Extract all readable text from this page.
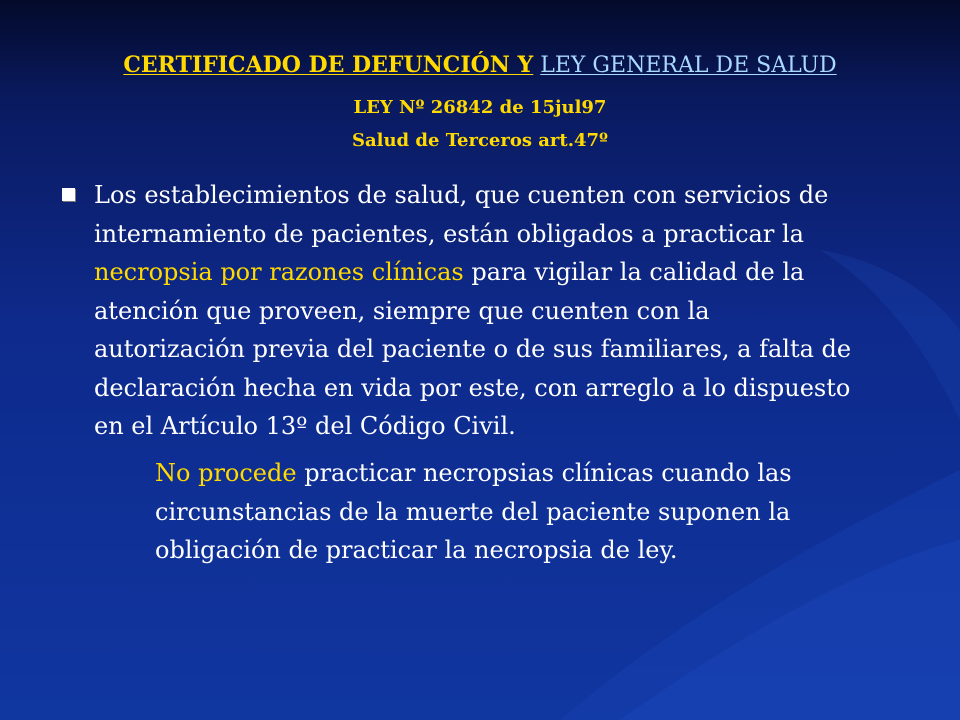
CERTIFICADO DE DEFUNCIÓN Y LEY GENERAL DE SALUD
LEY Nº 26842 de 15jul97
Salud de Terceros art.47º
Los establecimientos de salud, que cuenten con servicios de internamiento de pacientes, están obligados a practicar la necropsia por razones clínicas para vigilar la calidad de la atención que proveen, siempre que cuenten con la autorización previa del paciente o de sus familiares, a falta de declaración hecha en vida por este, con arreglo a lo dispuesto en el Artículo 13º del Código Civil.
No procede practicar necropsias clínicas cuando las circunstancias de la muerte del paciente suponen la obligación de practicar la necropsia de ley.
